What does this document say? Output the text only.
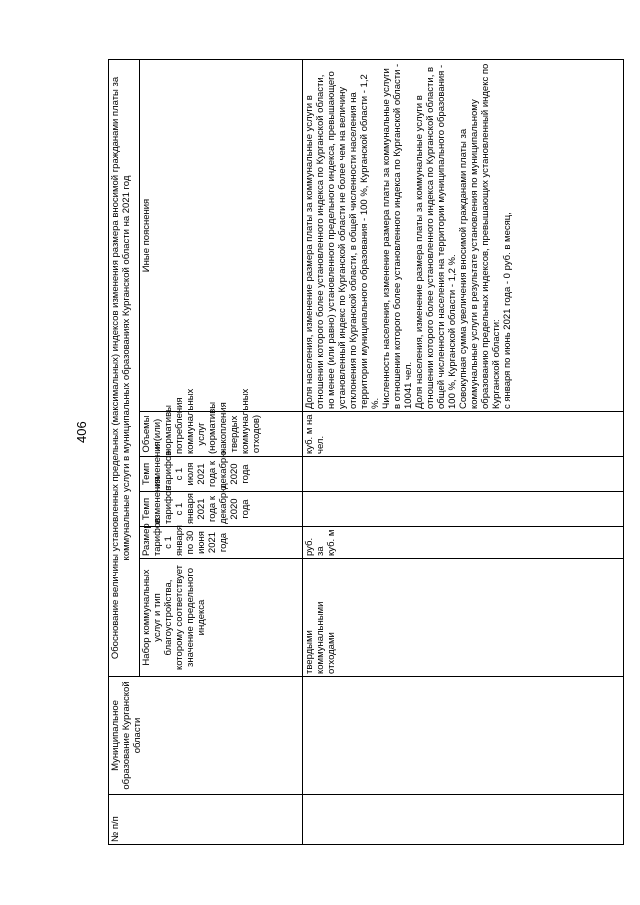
406
№ п/п	Муниципальное образование Курганской области	Обоснование величины установленных предельных (максимальных) индексов изменения размера вносимой гражданами платы за коммунальные услуги в муниципальных образованиях Курганской области на 2021 год					
		Набор коммунальных услуг и тип благоустройства, которому соответствует значение предельного индекса	Размер тарифов с 1 января по 30 июня 2021 года	Темп изменения тарифов с 1 января 2021 года к декабрю 2020 года	Темп изменения тарифов с 1 июля 2021 года к декабрю 2020 года	Объемы и (или) нормативы потребления коммунальных услуг (нормативы накопления твердых коммунальных отходов)	Иные пояснения
		твердыми коммунальными отходами	руб. за куб. м			куб. м на чел.	Доля населения, изменение размера платы за коммунальные услуги в отношении которого более установленного индекса по Курганской области, но менее (или равно) установленного предельного индекса, превышающего установленный индекс по Курганской области не более чем на величину отклонения по Курганской области, в общей численности населения на территории муниципального образования - 100 %, Курганской области - 1,2 %. Численность населения, изменение размера платы за коммунальные услуги в отношении которого более установленного индекса по Курганской области - 10041 чел. Доля населения, изменение размера платы за коммунальные услуги в отношении которого более установленного индекса по Курганской области, в общей численности населения на территории муниципального образования - 100 %, Курганской области - 1,2 %. Совокупная сумма увеличения вносимой гражданами платы за коммунальные услуги в результате установления по муниципальному образованию предельных индексов, превышающих установленный индекс по Курганской области: с января по июнь 2021 года - 0 руб. в месяц,
